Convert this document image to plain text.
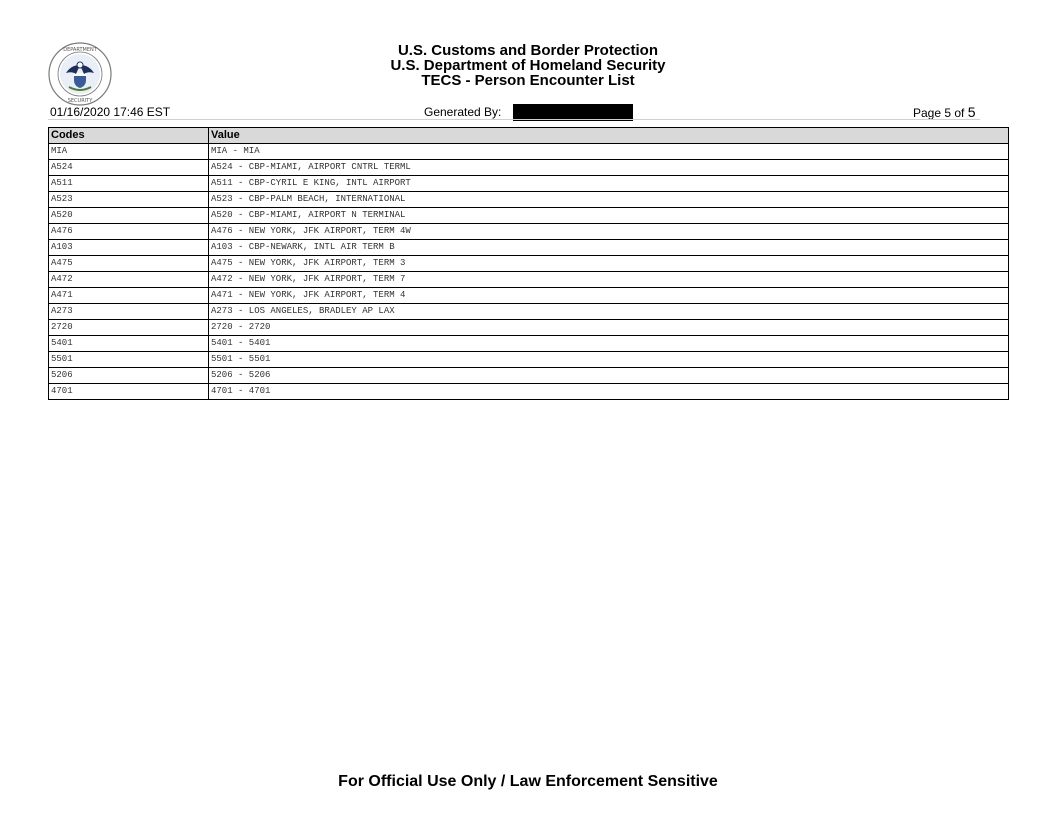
DEPARTMENT
SECURITY
U.S. Customs and Border Protection
U.S. Department of Homeland Security
TECS - Person Encounter List
01/16/2020 17:46 EST	Generated By:	Page 5 of 5
Codes	Value
MIA	MIA - MIA
A524	A524 - CBP-MIAMI, AIRPORT CNTRL TERML
A511	A511 - CBP-CYRIL E KING, INTL AIRPORT
A523	A523 - CBP-PALM BEACH, INTERNATIONAL
A520	A520 - CBP-MIAMI, AIRPORT N TERMINAL
A476	A476 - NEW YORK, JFK AIRPORT, TERM 4W
A103	A103 - CBP-NEWARK, INTL AIR TERM B
A475	A475 - NEW YORK, JFK AIRPORT, TERM 3
A472	A472 - NEW YORK, JFK AIRPORT, TERM 7
A471	A471 - NEW YORK, JFK AIRPORT, TERM 4
A273	A273 - LOS ANGELES, BRADLEY AP LAX
2720	2720 - 2720
5401	5401 - 5401
5501	5501 - 5501
5206	5206 - 5206
4701	4701 - 4701
For Official Use Only / Law Enforcement Sensitive
